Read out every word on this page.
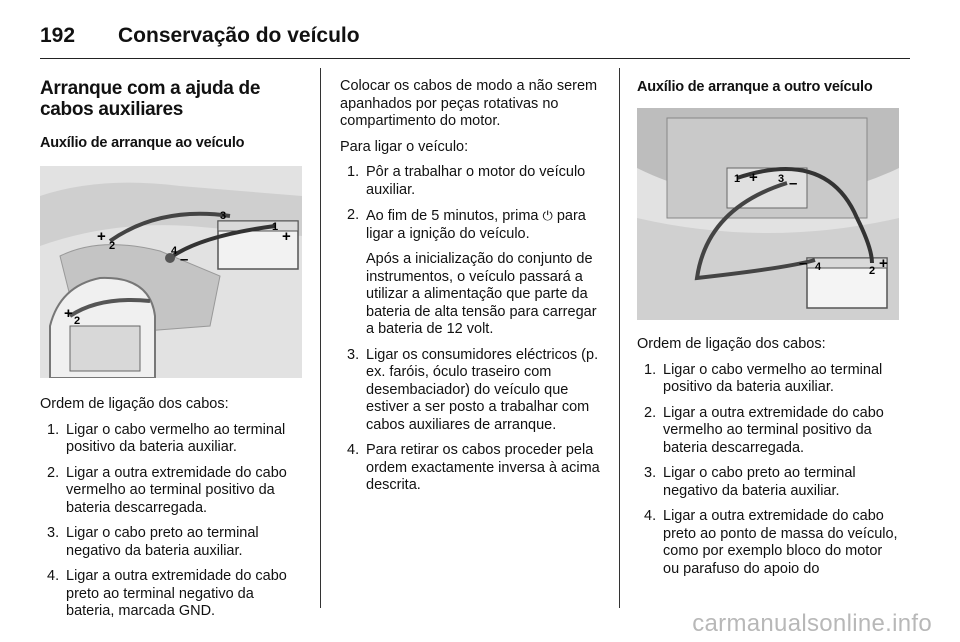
192	Conservação do veículo
Arranque com a ajuda de cabos auxiliares
Auxílio de arranque ao veículo
+
2
3
1
+
4 –
+ 2

Ordem de ligação dos cabos:

1. Ligar o cabo vermelho ao terminal positivo da bateria auxiliar.
2. Ligar a outra extremidade do cabo vermelho ao terminal positivo da bateria descarregada.
3. Ligar o cabo preto ao terminal negativo da bateria auxiliar.
4. Ligar a outra extremidade do cabo preto ao terminal negativo da bateria, marcada GND.

Colocar os cabos de modo a não serem apanhados por peças rotativas no compartimento do motor.

Para ligar o veículo:

1. Pôr a trabalhar o motor do veículo auxiliar.
2. Ao fim de 5 minutos, prima ⏻ para ligar a ignição do veículo.
Após a inicialização do conjunto de instrumentos, o veículo passará a utilizar a alimentação que parte da bateria de alta tensão para carregar a bateria de 12 volt.
3. Ligar os consumidores eléctricos (p. ex. faróis, óculo traseiro com desembaciador) do veículo que estiver a ser posto a trabalhar com cabos auxiliares de arranque.
4. Para retirar os cabos proceder pela ordem exactamente inversa à acima descrita.
Auxílio de arranque a outro veículo
1 + 3 –
– 4	2 +

Ordem de ligação dos cabos:

1. Ligar o cabo vermelho ao terminal positivo da bateria auxiliar.
2. Ligar a outra extremidade do cabo vermelho ao terminal positivo da bateria descarregada.
3. Ligar o cabo preto ao terminal negativo da bateria auxiliar.
4. Ligar a outra extremidade do cabo preto ao ponto de massa do veículo, como por exemplo bloco do motor ou parafuso do apoio do
carmanualsonline.info
